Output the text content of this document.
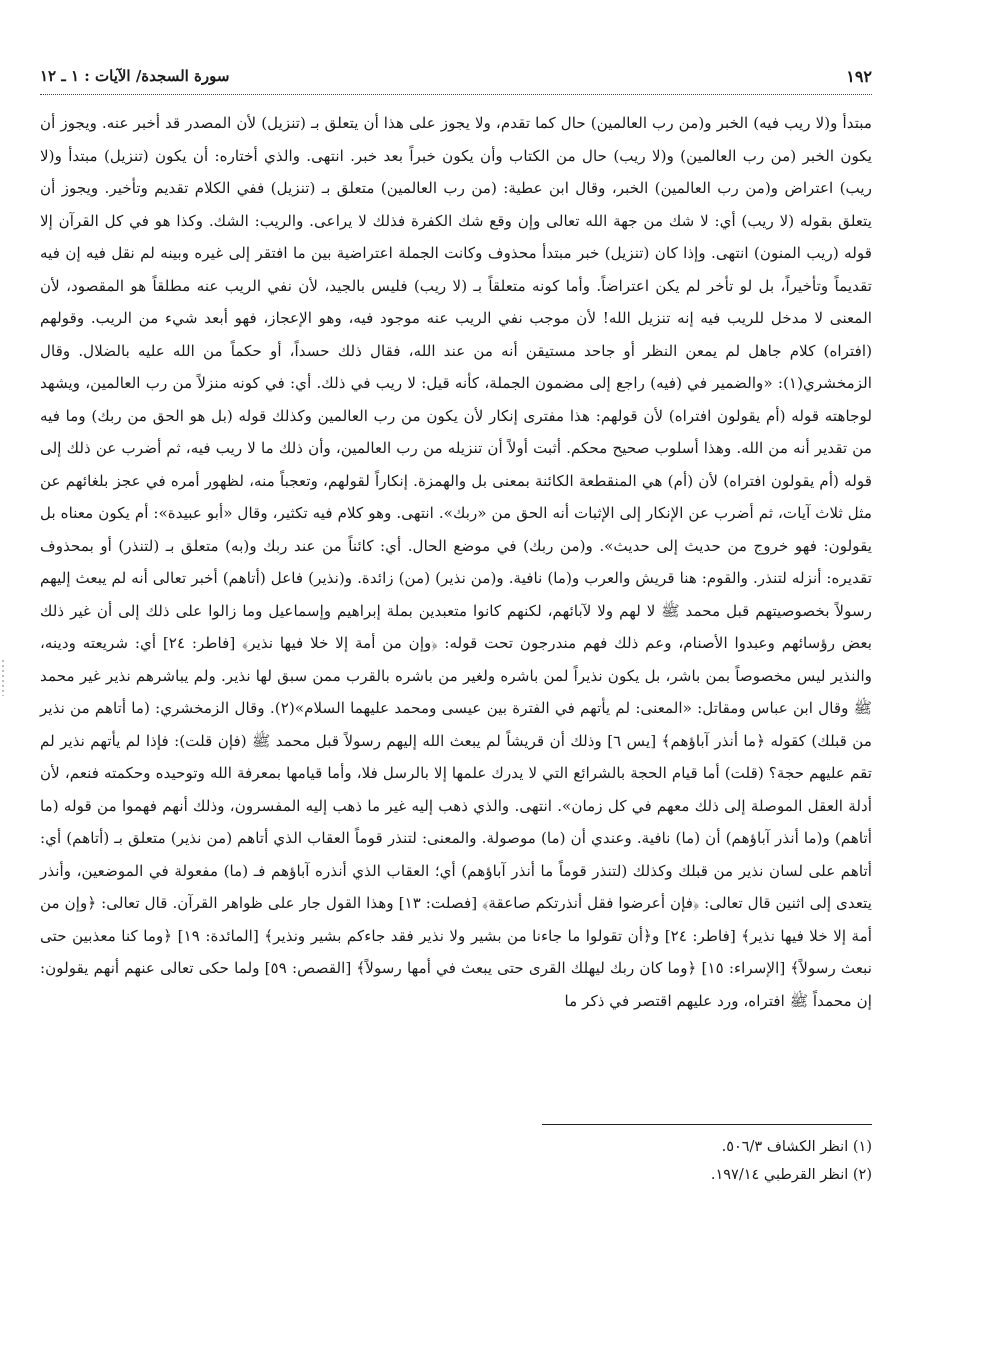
١٩٢
سورة السجدة/ الآيات : ١ ـ ١٢

مبتدأ و(لا ريب فيه) الخبر و(من رب العالمين) حال كما تقدم، ولا يجوز على هذا أن يتعلق بـ (تنزيل) لأن المصدر قد أخبر عنه. ويجوز أن يكون الخبر (من رب العالمين) و(لا ريب) حال من الكتاب وأن يكون خبراً بعد خبر. انتهى. والذي أختاره: أن يكون (تنزيل) مبتدأ و(لا ريب) اعتراض و(من رب العالمين) الخبر، وقال ابن عطية: (من رب العالمين) متعلق بـ (تنزيل) ففي الكلام تقديم وتأخير. ويجوز أن يتعلق بقوله (لا ريب) أي: لا شك من جهة الله تعالى وإن وقع شك الكفرة فذلك لا يراعى. والريب: الشك. وكذا هو في كل القرآن إلا قوله (ريب المنون) انتهى. وإذا كان (تنزيل) خبر مبتدأ محذوف وكانت الجملة اعتراضية بين ما افتقر إلى غيره وبينه لم نقل فيه إن فيه تقديماً وتأخيراً، بل لو تأخر لم يكن اعتراضاً. وأما كونه متعلقاً بـ (لا ريب) فليس بالجيد، لأن نفي الريب عنه مطلقاً هو المقصود، لأن المعنى لا مدخل للريب فيه إنه تنزيل الله! لأن موجب نفي الريب عنه موجود فيه، وهو الإعجاز، فهو أبعد شيء من الريب. وقولهم (افتراه) كلام جاهل لم يمعن النظر أو جاحد مستيقن أنه من عند الله، فقال ذلك حسداً، أو حكماً من الله عليه بالضلال. وقال الزمخشري(١): «والضمير في (فيه) راجع إلى مضمون الجملة، كأنه قيل: لا ريب في ذلك. أي: في كونه منزلاً من رب العالمين، ويشهد لوجاهته قوله (أم يقولون افتراه) لأن قولهم: هذا مفترى إنكار لأن يكون من رب العالمين وكذلك قوله (بل هو الحق من ربك) وما فيه من تقدير أنه من الله. وهذا أسلوب صحيح محكم. أثبت أولاً أن تنزيله من رب العالمين، وأن ذلك ما لا ريب فيه، ثم أضرب عن ذلك إلى قوله (أم يقولون افتراه) لأن (أم) هي المنقطعة الكائنة بمعنى بل والهمزة. إنكاراً لقولهم، وتعجباً منه، لظهور أمره في عجز بلغائهم عن مثل ثلاث آيات، ثم أضرب عن الإنكار إلى الإثبات أنه الحق من «ربك». انتهى. وهو كلام فيه تكثير، وقال «أبو عبيدة»: أم يكون معناه بل يقولون: فهو خروج من حديث إلى حديث». و(من ربك) في موضع الحال. أي: كائناً من عند ربك و(به) متعلق بـ (لتنذر) أو بمحذوف تقديره: أنزله لتنذر. والقوم: هنا قريش والعرب و(ما) نافية. و(من نذير) (من) زائدة. و(نذير) فاعل (أتاهم) أخبر تعالى أنه لم يبعث إليهم رسولاً بخصوصيتهم قبل محمد ﷺ لا لهم ولا لآبائهم، لكنهم كانوا متعبدين بملة إبراهيم وإسماعيل وما زالوا على ذلك إلى أن غير ذلك بعض رؤسائهم وعبدوا الأصنام، وعم ذلك فهم مندرجون تحت قوله: ﴿وإن من أمة إلا خلا فيها نذير﴾ [فاطر: ٢٤] أي: شريعته ودينه، والنذير ليس مخصوصاً بمن باشر، بل يكون نذيراً لمن باشره ولغير من باشره بالقرب ممن سبق لها نذير. ولم يباشرهم نذير غير محمد ﷺ وقال ابن عباس ومقاتل: «المعنى: لم يأتهم في الفترة بين عيسى ومحمد عليهما السلام»(٢). وقال الزمخشري: (ما أتاهم من نذير من قبلك) كقوله ﴿ما أنذر آباؤهم﴾ [يس ٦] وذلك أن قريشاً لم يبعث الله إليهم رسولاً قبل محمد ﷺ (فإن قلت): فإذا لم يأتهم نذير لم تقم عليهم حجة؟ (قلت) أما قيام الحجة بالشرائع التي لا يدرك علمها إلا بالرسل فلا، وأما قيامها بمعرفة الله وتوحيده وحكمته فنعم، لأن أدلة العقل الموصلة إلى ذلك معهم في كل زمان». انتهى. والذي ذهب إليه غير ما ذهب إليه المفسرون، وذلك أنهم فهموا من قوله (ما أتاهم) و(ما أنذر آباؤهم) أن (ما) نافية. وعندي أن (ما) موصولة. والمعنى: لتنذر قوماً العقاب الذي أتاهم (من نذير) متعلق بـ (أتاهم) أي: أتاهم على لسان نذير من قبلك وكذلك (لتنذر قوماً ما أنذر آباؤهم) أي؛ العقاب الذي أنذره آباؤهم فـ (ما) مفعولة في الموضعين، وأنذر يتعدى إلى اثنين قال تعالى: ﴿فإن أعرضوا فقل أنذرتكم صاعقة﴾ [فصلت: ١٣] وهذا القول جار على ظواهر القرآن. قال تعالى: ﴿وإن من أمة إلا خلا فيها نذير﴾ [فاطر: ٢٤] و﴿أن تقولوا ما جاءنا من بشير ولا نذير فقد جاءكم بشير ونذير﴾ [المائدة: ١٩] ﴿وما كنا معذبين حتى نبعث رسولاً﴾ [الإسراء: ١٥] ﴿وما كان ربك ليهلك القرى حتى يبعث في أمها رسولاً﴾ [القصص: ٥٩] ولما حكى تعالى عنهم أنهم يقولون: إن محمداً ﷺ افتراه، ورد عليهم اقتصر في ذكر ما

(١) انظر الكشاف ٥٠٦/٣.
(٢) انظر القرطبي ١٩٧/١٤.
